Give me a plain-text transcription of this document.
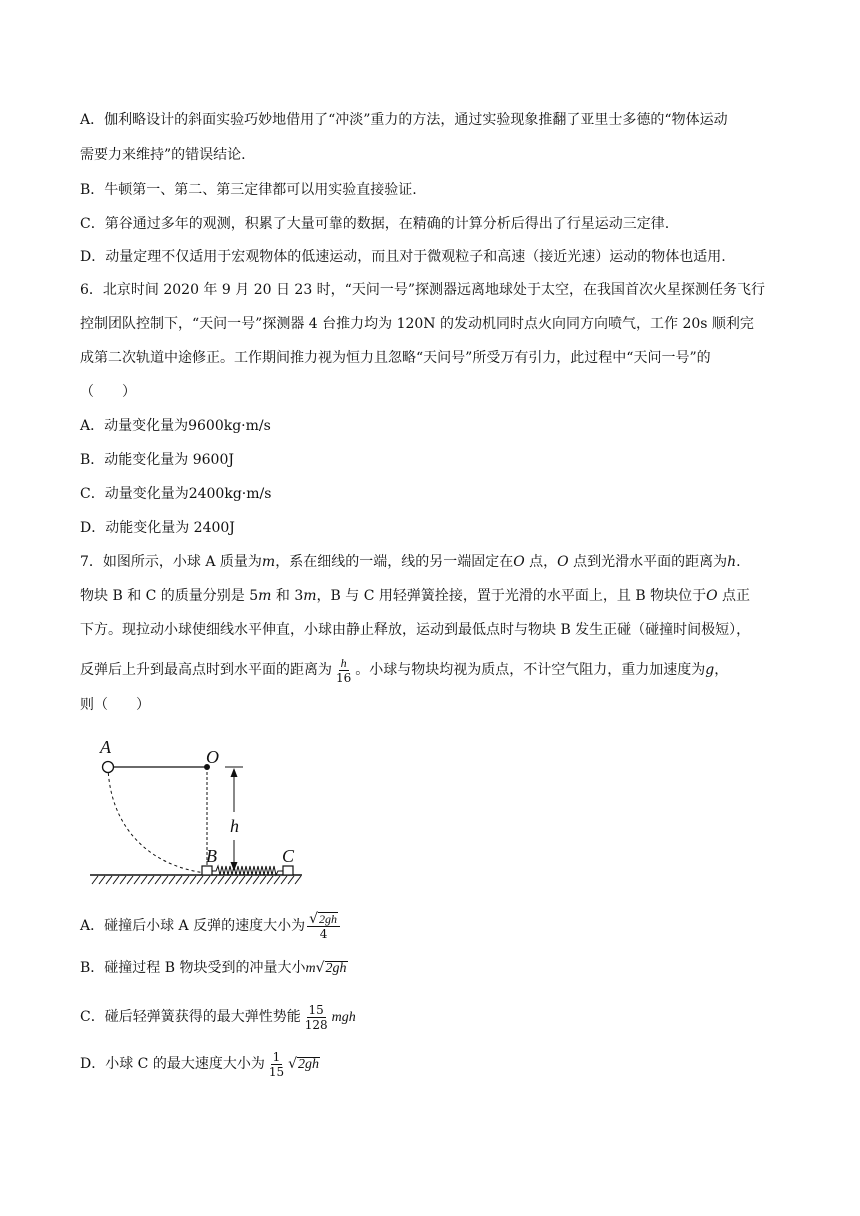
A．伽利略设计的斜面实验巧妙地借用了“冲淡”重力的方法，通过实验现象推翻了亚里士多德的“物体运动
需要力来维持”的错误结论.
B．牛顿第一、第二、第三定律都可以用实验直接验证.
C．第谷通过多年的观测，积累了大量可靠的数据，在精确的计算分析后得出了行星运动三定律.
D．动量定理不仅适用于宏观物体的低速运动，而且对于微观粒子和高速（接近光速）运动的物体也适用.
6．北京时间 2020 年 9 月 20 日 23 时，“天问一号”探测器远离地球处于太空，在我国首次火星探测任务飞行
控制团队控制下，“天问一号”探测器 4 台推力均为 120N 的发动机同时点火向同方向喷气，工作 20s 顺利完
成第二次轨道中途修正。工作期间推力视为恒力且忽略“天问号”所受万有引力，此过程中“天问一号”的
（　　）
A．动量变化量为9600kg·m/s
B．动能变化量为 9600J
C．动量变化量为2400kg·m/s
D．动能变化量为 2400J
7．如图所示，小球 A 质量为m，系在细线的一端，线的另一端固定在O 点，O 点到光滑水平面的距离为h.
物块 B 和 C 的质量分别是 5m 和 3m，B 与 C 用轻弹簧拴接，置于光滑的水平面上，且 B 物块位于O 点正
下方。现拉动小球使细线水平伸直，小球由静止释放，运动到最低点时与物块 B 发生正碰（碰撞时间极短），
反弹后上升到最高点时到水平面的距离为 $\frac{h}{16}$ 。小球与物块均视为质点，不计空气阻力，重力加速度为g，
则（　　）
A	O
h
B	C
A．碰撞后小球 A 反弹的速度大小为 $\frac{√ 2gh}{4}$
B．碰撞过程 B 物块受到的冲量大小m √ 2gh
C．碰后轻弹簧获得的最大弹性势能 $\frac{15}{128}$ mgh
D．小球 C 的最大速度大小为 $\frac{1}{15}$ √ 2gh
